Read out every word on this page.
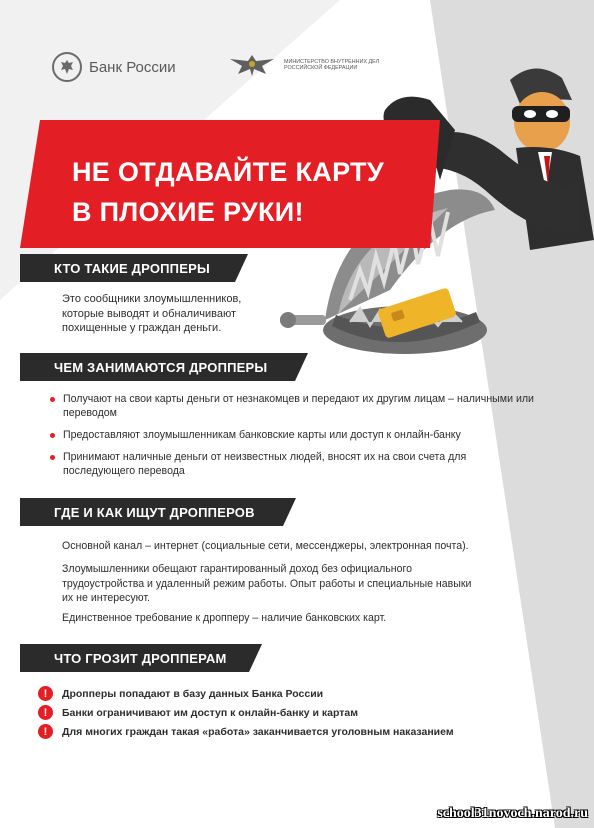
Банк России	МИНИСТЕРСТВО ВНУТРЕННИХ ДЕЛ РОССИЙСКОЙ ФЕДЕРАЦИИ
НЕ ОТДАВАЙТЕ КАРТУ
В ПЛОХИЕ РУКИ!
КТО ТАКИЕ ДРОППЕРЫ
Это сообщники злоумышленников, которые выводят и обналичивают похищенные у граждан деньги.
ЧЕМ ЗАНИМАЮТСЯ ДРОППЕРЫ
Получают на свои карты деньги от незнакомцев и передают их другим лицам – наличными или переводом
Предоставляют злоумышленникам банковские карты или доступ к онлайн-банку
Принимают наличные деньги от неизвестных людей, вносят их на свои счета для последующего перевода
ГДЕ И КАК ИЩУТ ДРОППЕРОВ
Основной канал – интернет (социальные сети, мессенджеры, электронная почта).
Злоумышленники обещают гарантированный доход без официального трудоустройства и удаленный режим работы. Опыт работы и специальные навыки их не интересуют.
Единственное требование к дропперу – наличие банковских карт.
ЧТО ГРОЗИТ ДРОППЕРАМ
!	Дропперы попадают в базу данных Банка России
!	Банки ограничивают им доступ к онлайн-банку и картам
!	Для многих граждан такая «работа» заканчивается уголовным наказанием
school31novoch.narod.ru
